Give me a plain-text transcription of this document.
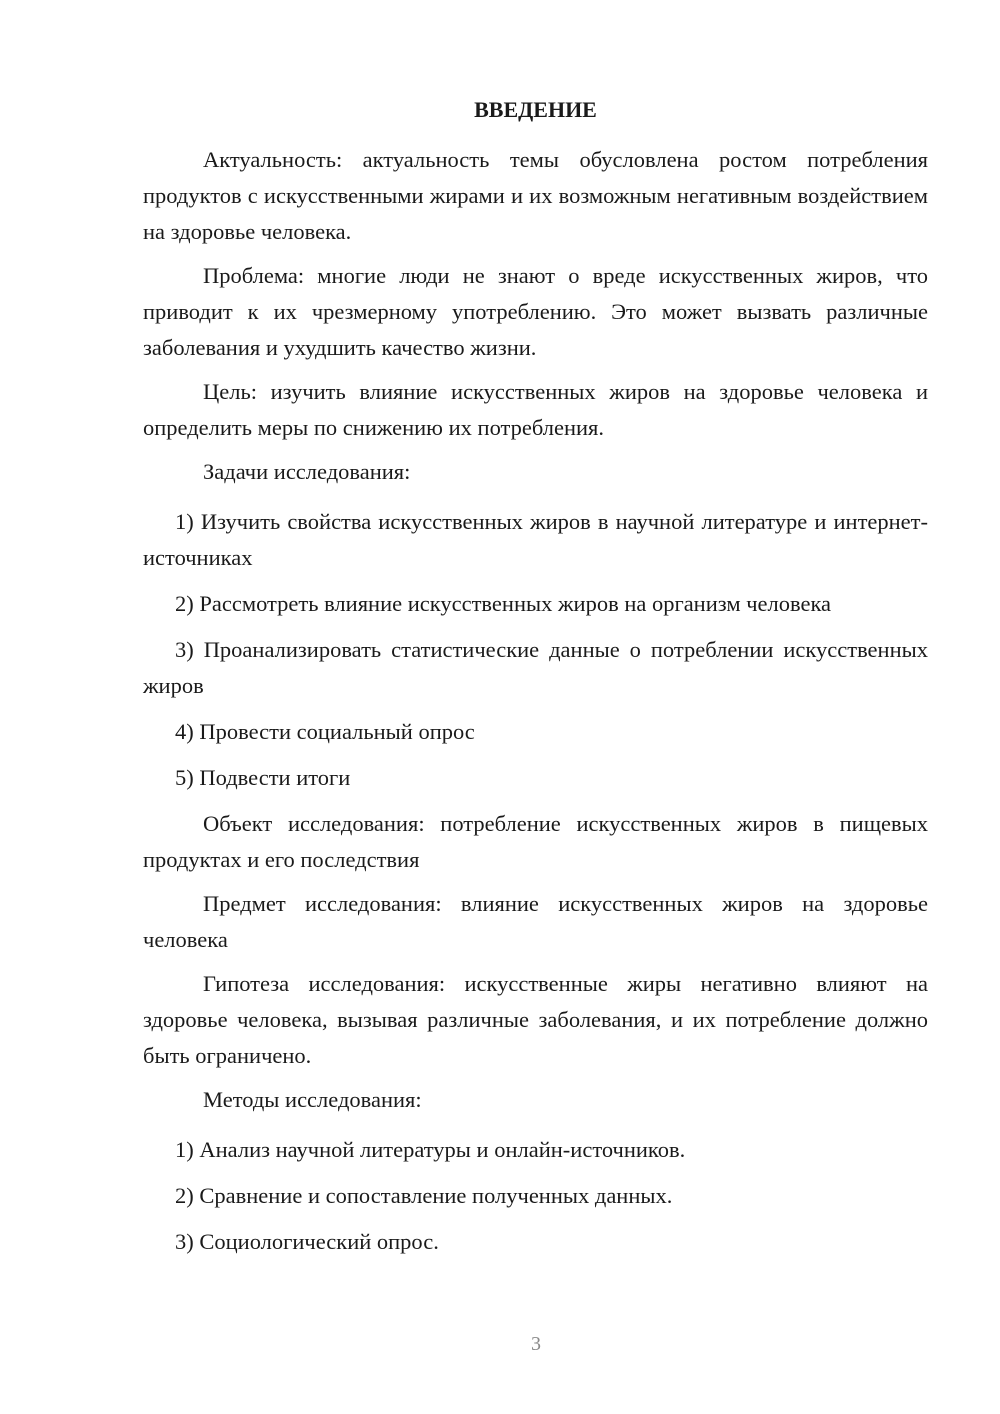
ВВЕДЕНИЕ

Актуальность: актуальность темы обусловлена ростом потребления продуктов с искусственными жирами и их возможным негативным воздействием на здоровье человека.

Проблема: многие люди не знают о вреде искусственных жиров, что приводит к их чрезмерному употреблению. Это может вызвать различные заболевания и ухудшить качество жизни.

Цель: изучить влияние искусственных жиров на здоровье человека и определить меры по снижению их потребления.

Задачи исследования:

1) Изучить свойства искусственных жиров в научной литературе и интернет-источниках

2) Рассмотреть влияние искусственных жиров на организм человека

3) Проанализировать статистические данные о потреблении искусственных жиров

4) Провести социальный опрос

5) Подвести итоги

Объект исследования: потребление искусственных жиров в пищевых продуктах и его последствия

Предмет исследования: влияние искусственных жиров на здоровье человека

Гипотеза исследования: искусственные жиры негативно влияют на здоровье человека, вызывая различные заболевания, и их потребление должно быть ограничено.

Методы исследования:

1) Анализ научной литературы и онлайн-источников.

2) Сравнение и сопоставление полученных данных.

3) Социологический опрос.

3
